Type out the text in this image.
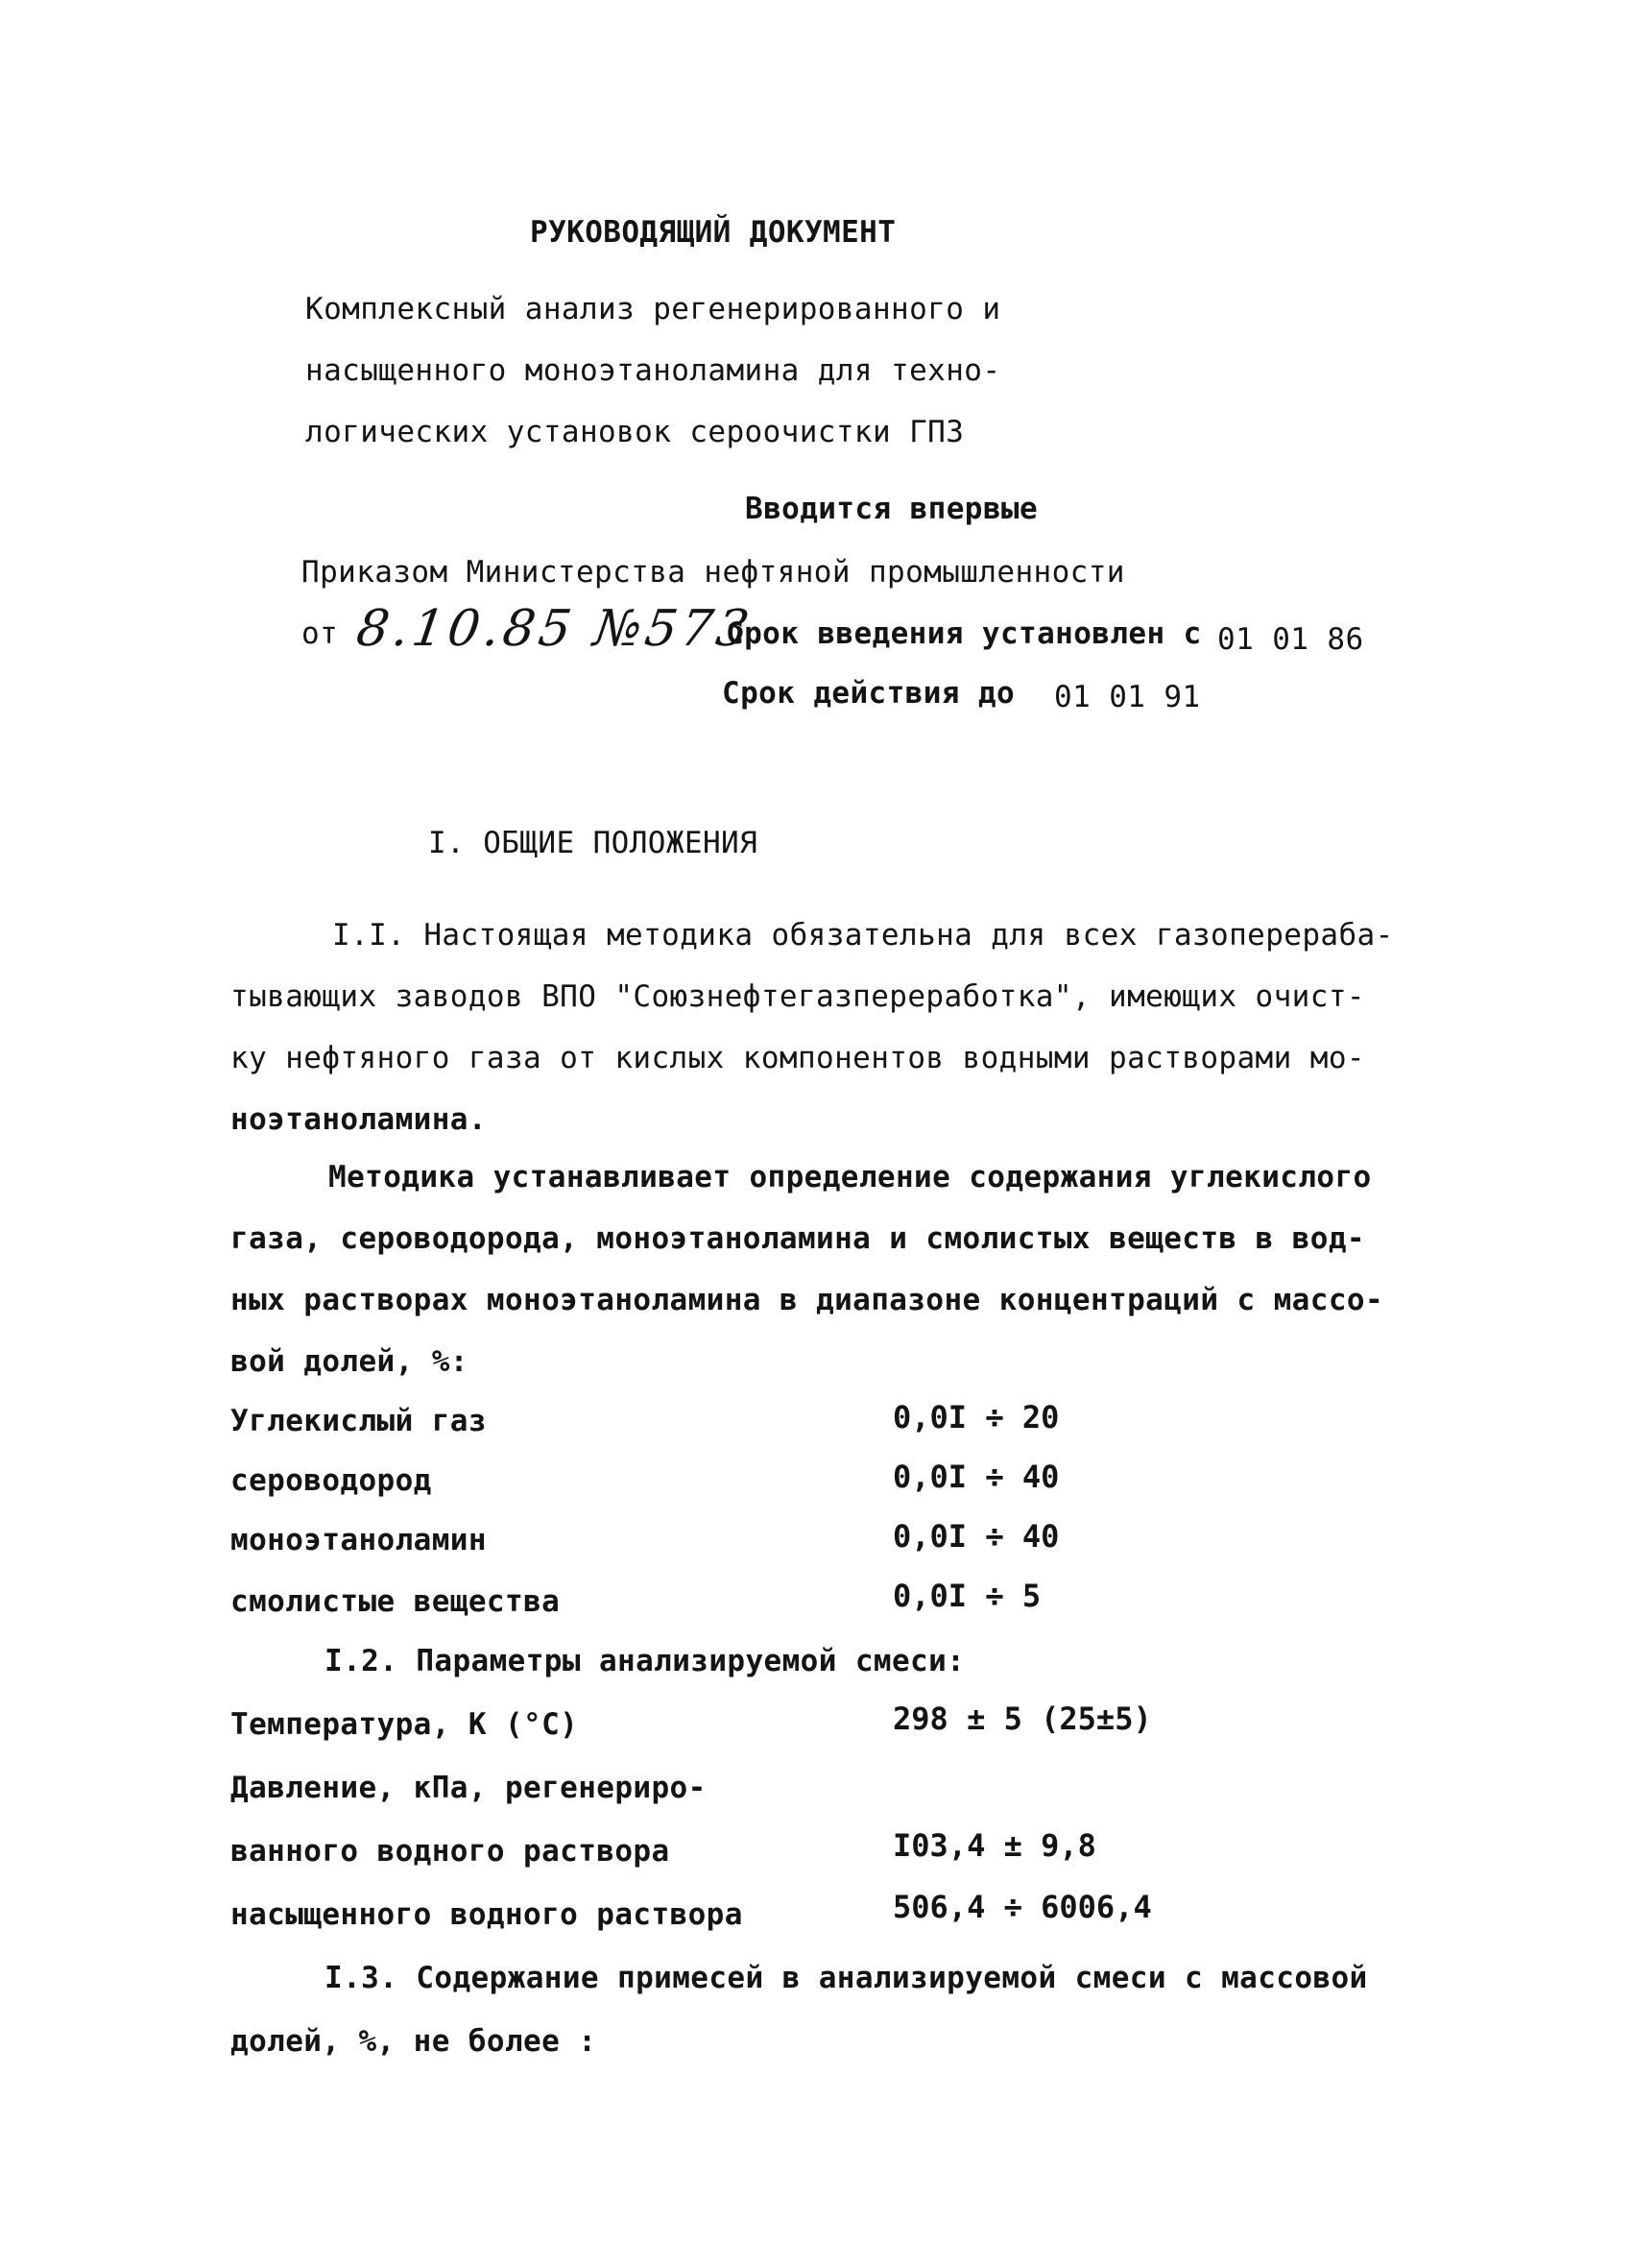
РУКОВОДЯЩИЙ ДОКУМЕНТ
Комплексный анализ регенерированного и
насыщенного моноэтаноламина для техно-
логических установок сероочистки ГПЗ
Вводится впервые
Приказом Министерства нефтяной промышленности
от 8.10.85 №573
Срок введения установлен с 01 01 86
Срок действия до 01 01 91
I. ОБЩИЕ ПОЛОЖЕНИЯ
I.I. Настоящая методика обязательна для всех газоперераба-
тывающих заводов ВПО "Союзнефтегазпереработка", имеющих очист-
ку нефтяного газа от кислых компонентов водными растворами мо-
ноэтаноламина.
Методика устанавливает определение содержания углекислого
газа, сероводорода, моноэтаноламина и смолистых веществ в вод-
ных растворах моноэтаноламина в диапазоне концентраций с массо-
вой долей, %:
Углекислый газ	0,0I ÷ 20
сероводород	0,0I ÷ 40
моноэтаноламин	0,0I ÷ 40
смолистые вещества	0,0I ÷ 5
I.2. Параметры анализируемой смеси:
Температура, К (°С)	298 ± 5 (25±5)
Давление, кПа, регенериро-
ванного водного раствора	I03,4 ± 9,8
насыщенного водного раствора	506,4 ÷ 6006,4
I.3. Содержание примесей в анализируемой смеси с массовой
долей, %, не более :
